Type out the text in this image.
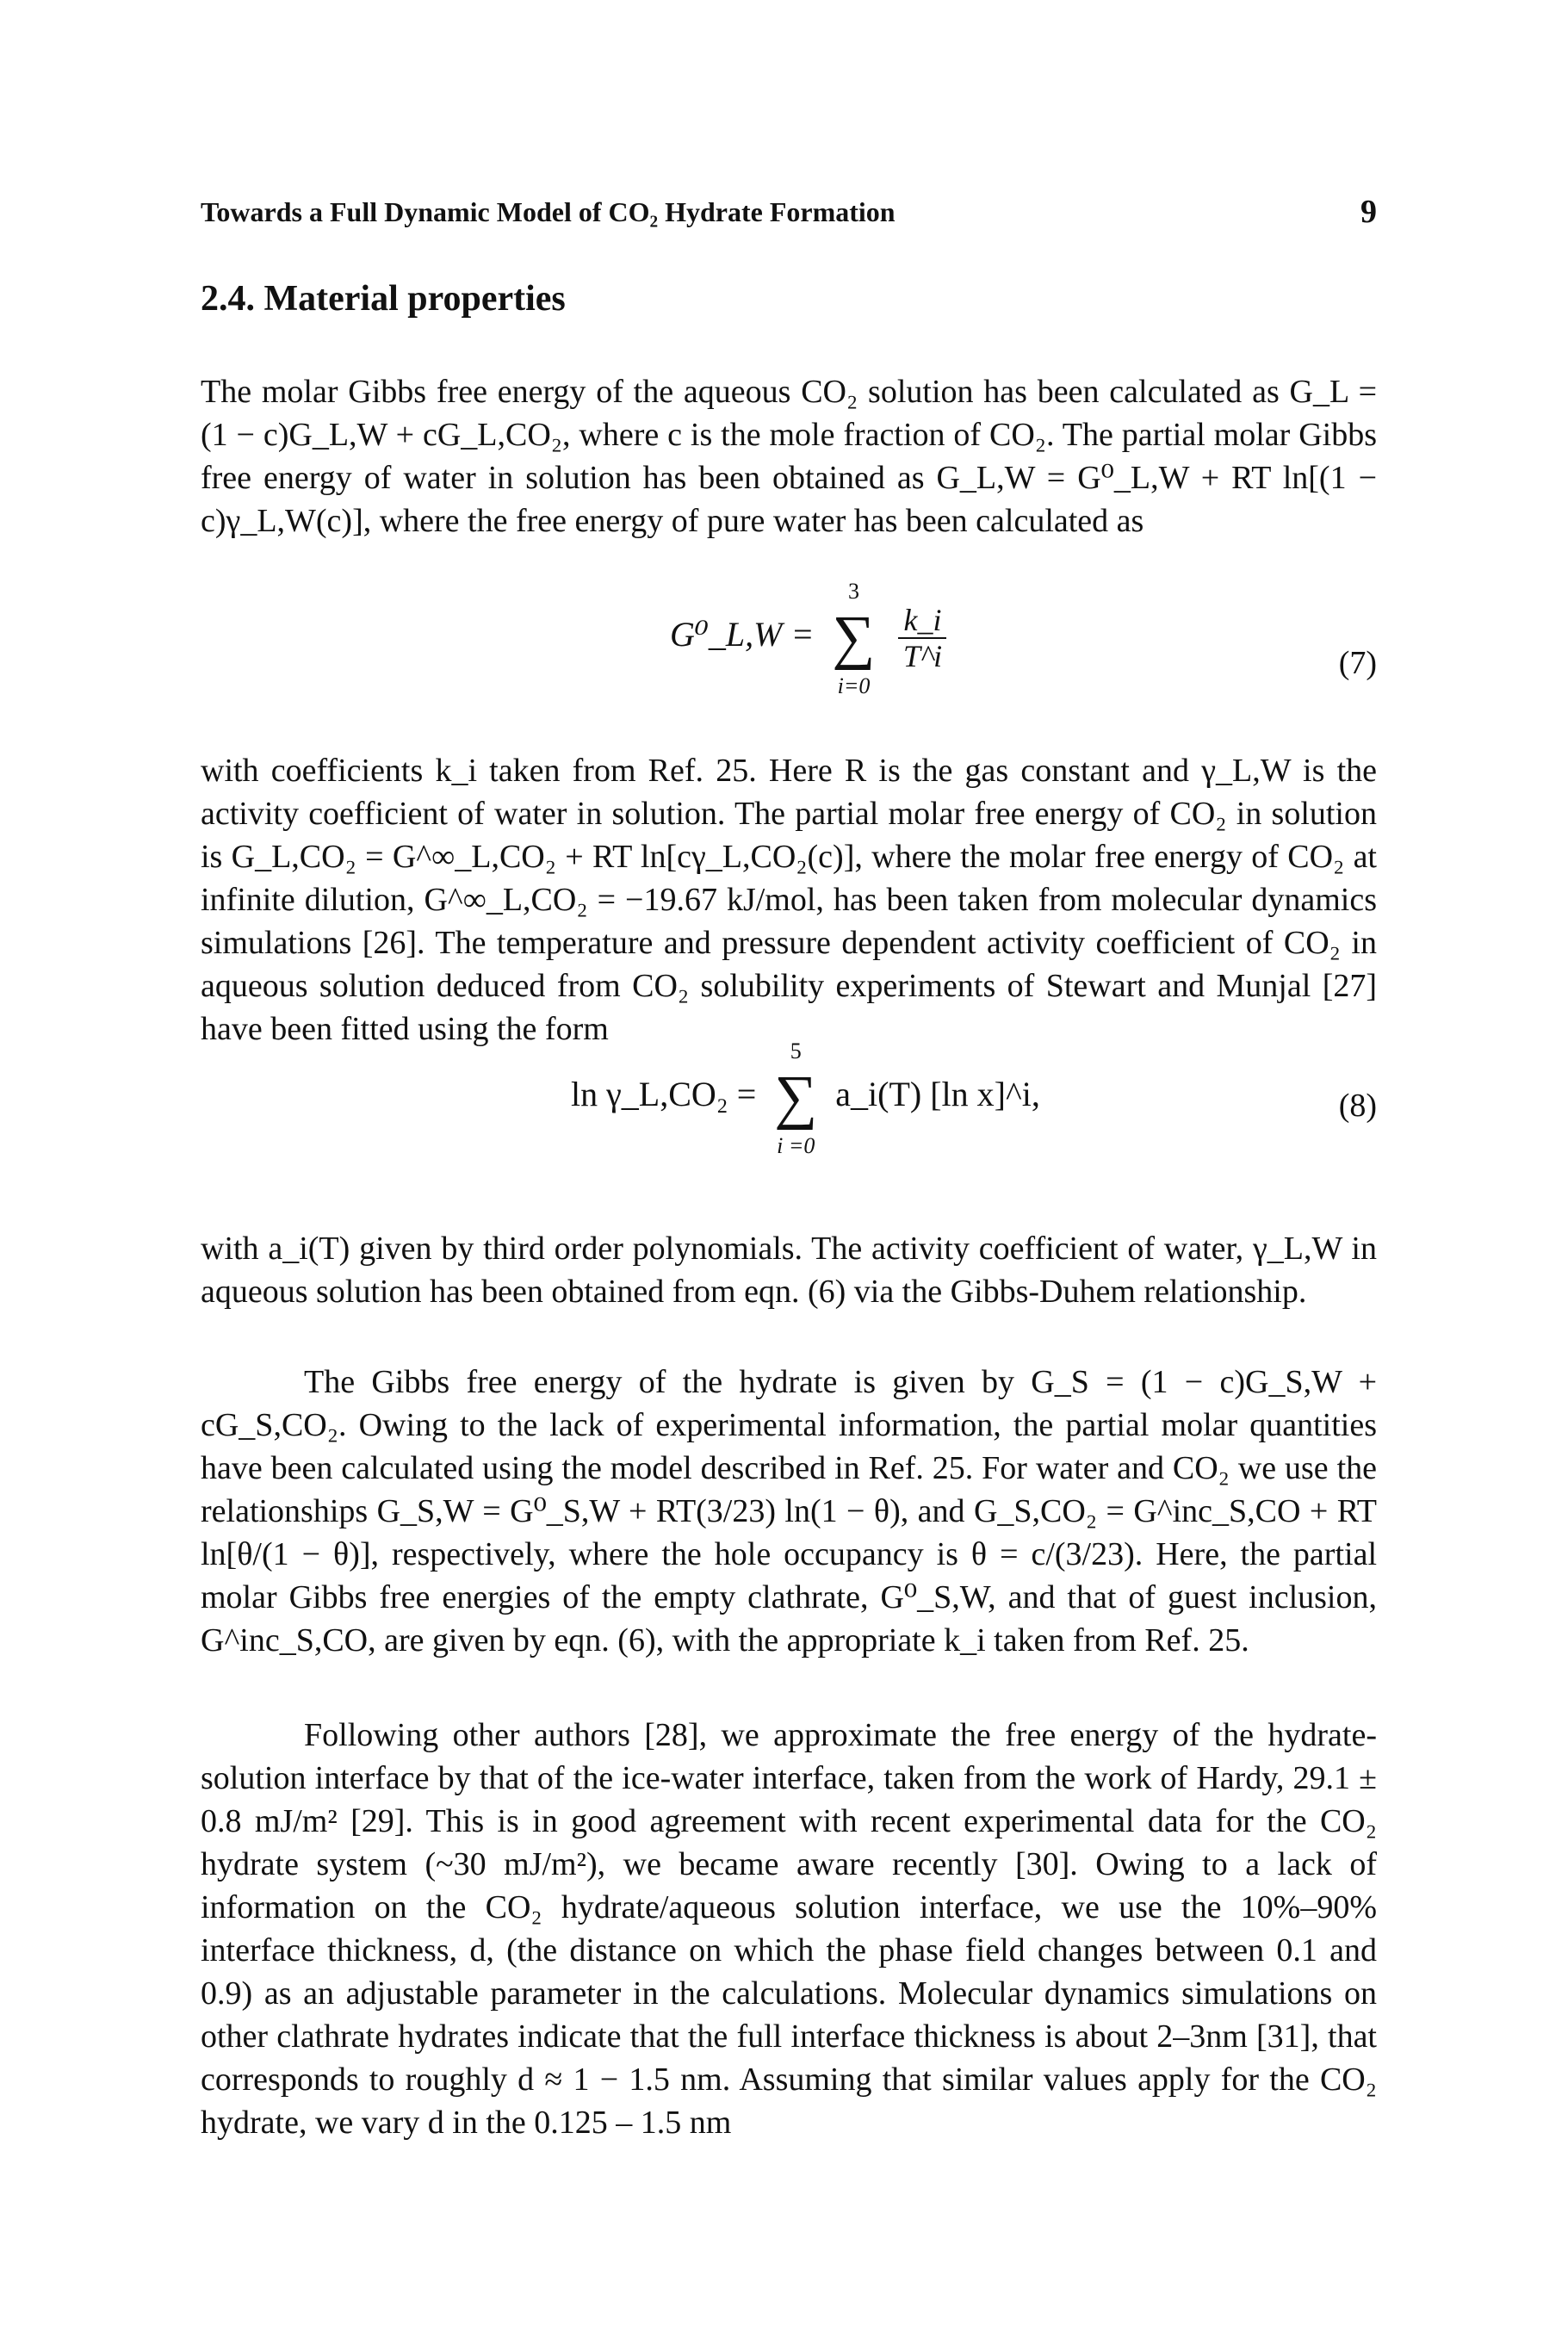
Towards a Full Dynamic Model of CO₂ Hydrate Formation	9
2.4. Material properties

The molar Gibbs free energy of the aqueous CO₂ solution has been calculated as G_L = (1 − c)G_L,W + cG_L,CO₂, where c is the mole fraction of CO₂. The partial molar Gibbs free energy of water in solution has been obtained as G_L,W = G⁰_L,W + RT ln[(1 − c)γ_L,W(c)], where the free energy of pure water has been calculated as

G⁰_L,W =
3
∑
i=0

$\frac{k\_i}{T\^{}i}$	(7)

with coefficients k_i taken from Ref. 25. Here R is the gas constant and γ_L,W is the activity coefficient of water in solution. The partial molar free energy of CO₂ in solution is G_L,CO₂ = G^∞_L,CO₂ + RT ln[cγ_L,CO₂(c)], where the molar free energy of CO₂ at infinite dilution, G^∞_L,CO₂ = −19.67 kJ/mol, has been taken from molecular dynamics simulations [26]. The temperature and pressure dependent activity coefficient of CO₂ in aqueous solution deduced from CO₂ solubility experiments of Stewart and Munjal [27] have been fitted using the form

ln γ_L,CO₂ =
5
∑
i =0
a_i(T) [ln x]^i,	(8)

with a_i(T) given by third order polynomials. The activity coefficient of water, γ_L,W in aqueous solution has been obtained from eqn. (6) via the Gibbs-Duhem relationship.

The Gibbs free energy of the hydrate is given by G_S = (1 − c)G_S,W + cG_S,CO₂. Owing to the lack of experimental information, the partial molar quantities have been calculated using the model described in Ref. 25. For water and CO₂ we use the relationships G_S,W = G⁰_S,W + RT(3/23) ln(1 − θ), and G_S,CO₂ = G^inc_S,CO + RT ln[θ/(1 − θ)], respectively, where the hole occupancy is θ = c/(3/23). Here, the partial molar Gibbs free energies of the empty clathrate, G⁰_S,W, and that of guest inclusion, G^inc_S,CO, are given by eqn. (6), with the appropriate k_i taken from Ref. 25.

Following other authors [28], we approximate the free energy of the hydrate-solution interface by that of the ice-water interface, taken from the work of Hardy, 29.1 ± 0.8 mJ/m² [29]. This is in good agreement with recent experimental data for the CO₂ hydrate system (~30 mJ/m²), we became aware recently [30]. Owing to a lack of information on the CO₂ hydrate/aqueous solution interface, we use the 10%–90% interface thickness, d, (the distance on which the phase field changes between 0.1 and 0.9) as an adjustable parameter in the calculations. Molecular dynamics simulations on other clathrate hydrates indicate that the full interface thickness is about 2–3nm [31], that corresponds to roughly d ≈ 1 − 1.5 nm. Assuming that similar values apply for the CO₂ hydrate, we vary d in the 0.125 – 1.5 nm
